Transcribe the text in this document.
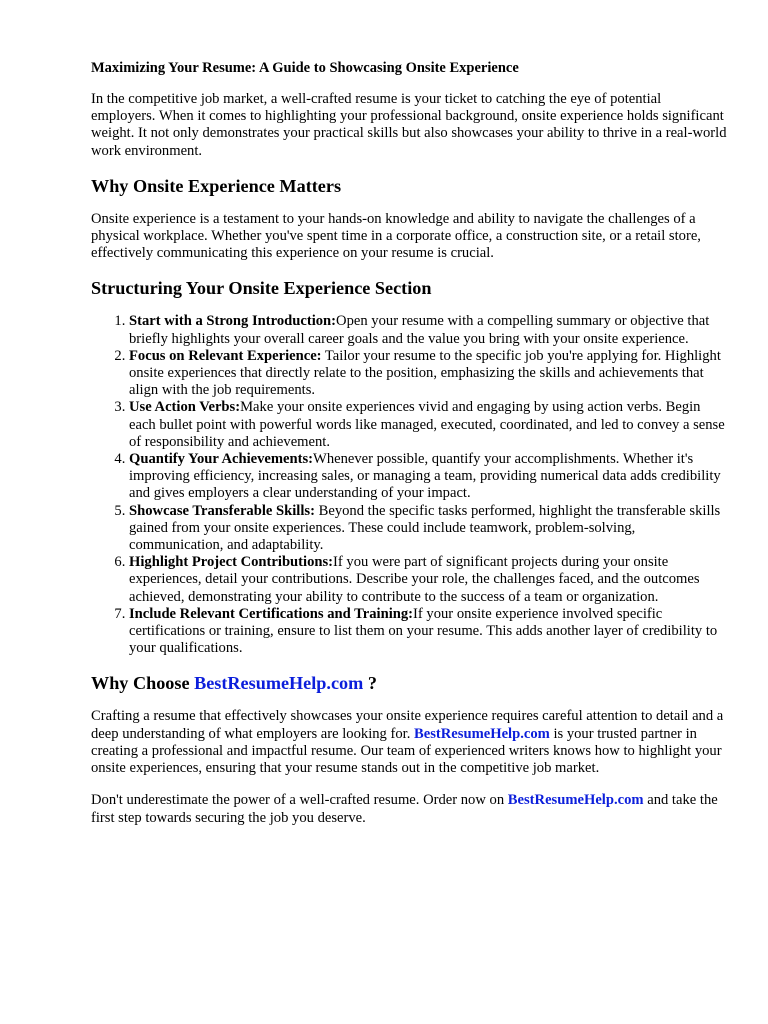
Maximizing Your Resume: A Guide to Showcasing Onsite Experience

In the competitive job market, a well-crafted resume is your ticket to catching the eye of potential employers. When it comes to highlighting your professional background, onsite experience holds significant weight. It not only demonstrates your practical skills but also showcases your ability to thrive in a real-world work environment.

Why Onsite Experience Matters

Onsite experience is a testament to your hands-on knowledge and ability to navigate the challenges of a physical workplace. Whether you've spent time in a corporate office, a construction site, or a retail store, effectively communicating this experience on your resume is crucial.

Structuring Your Onsite Experience Section
1. Start with a Strong Introduction:Open your resume with a compelling summary or objective that briefly highlights your overall career goals and the value you bring with your onsite experience.
2. Focus on Relevant Experience: Tailor your resume to the specific job you're applying for. Highlight onsite experiences that directly relate to the position, emphasizing the skills and achievements that align with the job requirements.
3. Use Action Verbs:Make your onsite experiences vivid and engaging by using action verbs. Begin each bullet point with powerful words like managed, executed, coordinated, and led to convey a sense of responsibility and achievement.
4. Quantify Your Achievements:Whenever possible, quantify your accomplishments. Whether it's improving efficiency, increasing sales, or managing a team, providing numerical data adds credibility and gives employers a clear understanding of your impact.
5. Showcase Transferable Skills: Beyond the specific tasks performed, highlight the transferable skills gained from your onsite experiences. These could include teamwork, problem-solving, communication, and adaptability.
6. Highlight Project Contributions:If you were part of significant projects during your onsite experiences, detail your contributions. Describe your role, the challenges faced, and the outcomes achieved, demonstrating your ability to contribute to the success of a team or organization.
7. Include Relevant Certifications and Training:If your onsite experience involved specific certifications or training, ensure to list them on your resume. This adds another layer of credibility to your qualifications.
Why Choose BestResumeHelp.com ?

Crafting a resume that effectively showcases your onsite experience requires careful attention to detail and a deep understanding of what employers are looking for. BestResumeHelp.com is your trusted partner in creating a professional and impactful resume. Our team of experienced writers knows how to highlight your onsite experiences, ensuring that your resume stands out in the competitive job market.

Don't underestimate the power of a well-crafted resume. Order now on BestResumeHelp.com and take the first step towards securing the job you deserve.
